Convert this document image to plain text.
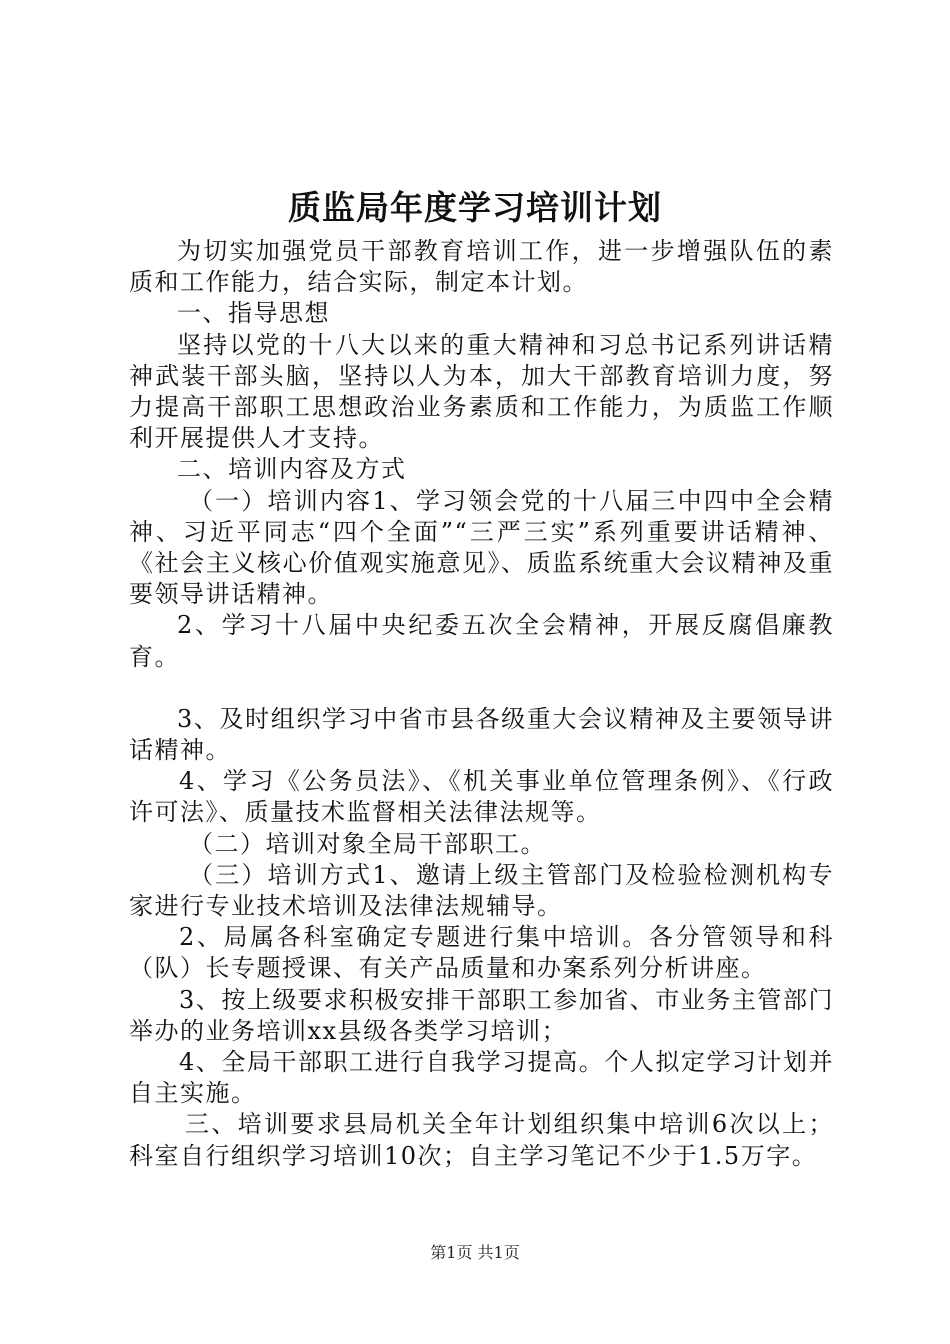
质监局年度学习培训计划

为切实加强党员干部教育培训工作，进一步增强队伍的素质和工作能力，结合实际，制定本计划。

一、指导思想

坚持以党的十八大以来的重大精神和习总书记系列讲话精神武装干部头脑，坚持以人为本，加大干部教育培训力度，努力提高干部职工思想政治业务素质和工作能力，为质监工作顺利开展提供人才支持。

二、培训内容及方式

（一）培训内容1、学习领会党的十八届三中四中全会精神、习近平同志“四个全面”“三严三实”系列重要讲话精神、《社会主义核心价值观实施意见》、质监系统重大会议精神及重要领导讲话精神。

2、学习十八届中央纪委五次全会精神，开展反腐倡廉教育。

3、及时组织学习中省市县各级重大会议精神及主要领导讲话精神。

4、学习《公务员法》、《机关事业单位管理条例》、《行政许可法》、质量技术监督相关法律法规等。

（二）培训对象全局干部职工。

（三）培训方式1、邀请上级主管部门及检验检测机构专家进行专业技术培训及法律法规辅导。

2、局属各科室确定专题进行集中培训。各分管领导和科（队）长专题授课、有关产品质量和办案系列分析讲座。

3、按上级要求积极安排干部职工参加省、市业务主管部门举办的业务培训xx县级各类学习培训；

4、全局干部职工进行自我学习提高。个人拟定学习计划并自主实施。

三、培训要求县局机关全年计划组织集中培训6次以上；科室自行组织学习培训10次；自主学习笔记不少于1.5万字。

第1页 共1页
